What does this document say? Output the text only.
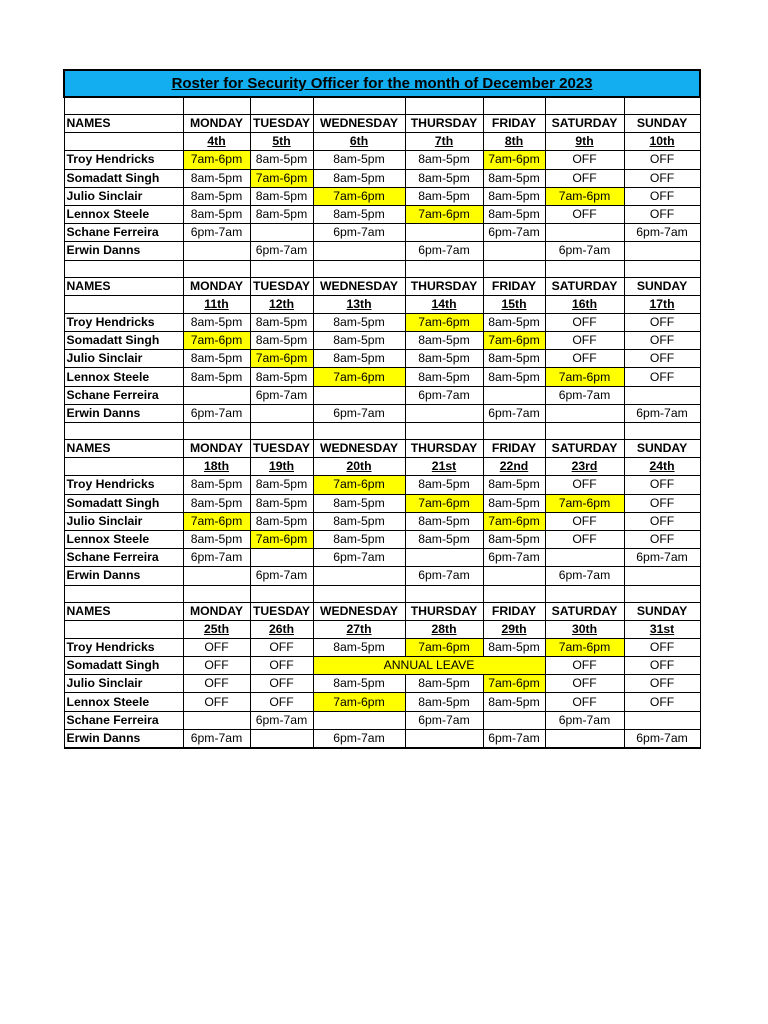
Roster for Security Officer for the month of December 2023							

NAMES	MONDAY	TUESDAY	WEDNESDAY	THURSDAY	FRIDAY	SATURDAY	SUNDAY
	4th	5th	6th	7th	8th	9th	10th
Troy Hendricks	7am-6pm	8am-5pm	8am-5pm	8am-5pm	7am-6pm	OFF	OFF
Somadatt Singh	8am-5pm	7am-6pm	8am-5pm	8am-5pm	8am-5pm	OFF	OFF
Julio Sinclair	8am-5pm	8am-5pm	7am-6pm	8am-5pm	8am-5pm	7am-6pm	OFF
Lennox Steele	8am-5pm	8am-5pm	8am-5pm	7am-6pm	8am-5pm	OFF	OFF
Schane Ferreira	6pm-7am		6pm-7am		6pm-7am		6pm-7am
Erwin Danns		6pm-7am		6pm-7am		6pm-7am	

NAMES	MONDAY	TUESDAY	WEDNESDAY	THURSDAY	FRIDAY	SATURDAY	SUNDAY
	11th	12th	13th	14th	15th	16th	17th
Troy Hendricks	8am-5pm	8am-5pm	8am-5pm	7am-6pm	8am-5pm	OFF	OFF
Somadatt Singh	7am-6pm	8am-5pm	8am-5pm	8am-5pm	7am-6pm	OFF	OFF
Julio Sinclair	8am-5pm	7am-6pm	8am-5pm	8am-5pm	8am-5pm	OFF	OFF
Lennox Steele	8am-5pm	8am-5pm	7am-6pm	8am-5pm	8am-5pm	7am-6pm	OFF
Schane Ferreira		6pm-7am		6pm-7am		6pm-7am	
Erwin Danns	6pm-7am		6pm-7am		6pm-7am		6pm-7am

NAMES	MONDAY	TUESDAY	WEDNESDAY	THURSDAY	FRIDAY	SATURDAY	SUNDAY
	18th	19th	20th	21st	22nd	23rd	24th
Troy Hendricks	8am-5pm	8am-5pm	7am-6pm	8am-5pm	8am-5pm	OFF	OFF
Somadatt Singh	8am-5pm	8am-5pm	8am-5pm	7am-6pm	8am-5pm	7am-6pm	OFF
Julio Sinclair	7am-6pm	8am-5pm	8am-5pm	8am-5pm	7am-6pm	OFF	OFF
Lennox Steele	8am-5pm	7am-6pm	8am-5pm	8am-5pm	8am-5pm	OFF	OFF
Schane Ferreira	6pm-7am		6pm-7am		6pm-7am		6pm-7am
Erwin Danns		6pm-7am		6pm-7am		6pm-7am	

NAMES	MONDAY	TUESDAY	WEDNESDAY	THURSDAY	FRIDAY	SATURDAY	SUNDAY
	25th	26th	27th	28th	29th	30th	31st
Troy Hendricks	OFF	OFF	8am-5pm	7am-6pm	8am-5pm	7am-6pm	OFF
Somadatt Singh	OFF	OFF	ANNUAL LEAVE			OFF	OFF
Julio Sinclair	OFF	OFF	8am-5pm	8am-5pm	7am-6pm	OFF	OFF
Lennox Steele	OFF	OFF	7am-6pm	8am-5pm	8am-5pm	OFF	OFF
Schane Ferreira		6pm-7am		6pm-7am		6pm-7am	
Erwin Danns	6pm-7am		6pm-7am		6pm-7am		6pm-7am
